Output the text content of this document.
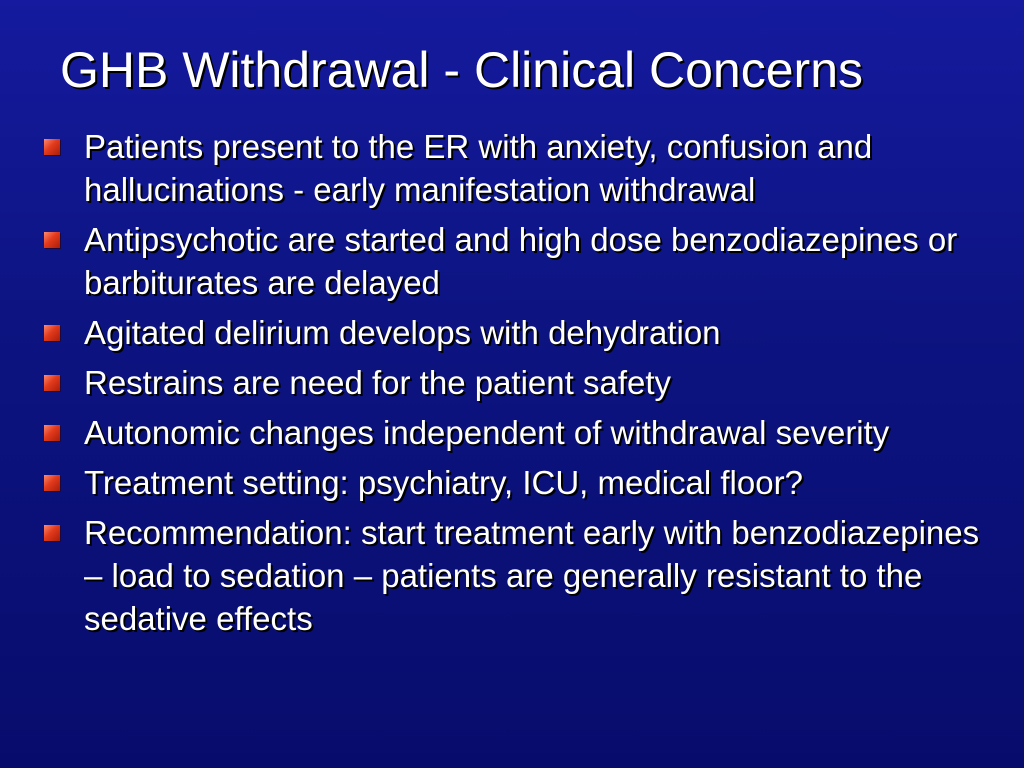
GHB Withdrawal - Clinical Concerns
Patients present to the ER with anxiety, confusion and hallucinations - early manifestation withdrawal
Antipsychotic are started and high dose benzodiazepines or barbiturates are delayed
Agitated delirium develops with dehydration
Restrains are need for the patient safety
Autonomic changes independent of withdrawal severity
Treatment setting: psychiatry, ICU, medical floor?
Recommendation: start treatment early with benzodiazepines – load to sedation – patients are generally resistant to the sedative effects
